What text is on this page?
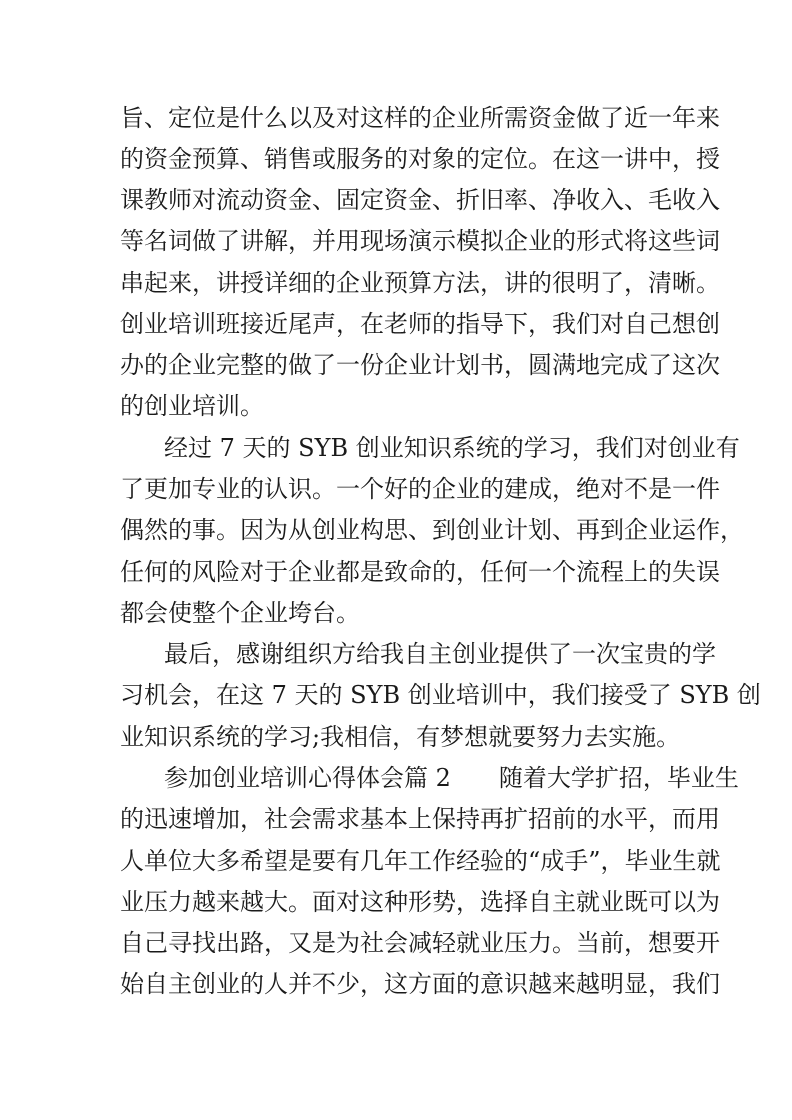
旨、定位是什么以及对这样的企业所需资金做了近一年来
的资金预算、销售或服务的对象的定位。在这一讲中，授
课教师对流动资金、固定资金、折旧率、净收入、毛收入
等名词做了讲解，并用现场演示模拟企业的形式将这些词
串起来，讲授详细的企业预算方法，讲的很明了，清晰。
创业培训班接近尾声，在老师的指导下，我们对自己想创
办的企业完整的做了一份企业计划书，圆满地完成了这次
的创业培训。
经过 7 天的 SYB 创业知识系统的学习，我们对创业有
了更加专业的认识。一个好的企业的建成，绝对不是一件
偶然的事。因为从创业构思、到创业计划、再到企业运作，
任何的风险对于企业都是致命的，任何一个流程上的失误
都会使整个企业垮台。
最后，感谢组织方给我自主创业提供了一次宝贵的学
习机会，在这 7 天的 SYB 创业培训中，我们接受了 SYB 创
业知识系统的学习;我相信，有梦想就要努力去实施。
参加创业培训心得体会篇 2　　随着大学扩招，毕业生
的迅速增加，社会需求基本上保持再扩招前的水平，而用
人单位大多希望是要有几年工作经验的“成手”，毕业生就
业压力越来越大。面对这种形势，选择自主就业既可以为
自己寻找出路，又是为社会减轻就业压力。当前，想要开
始自主创业的人并不少，这方面的意识越来越明显，我们
